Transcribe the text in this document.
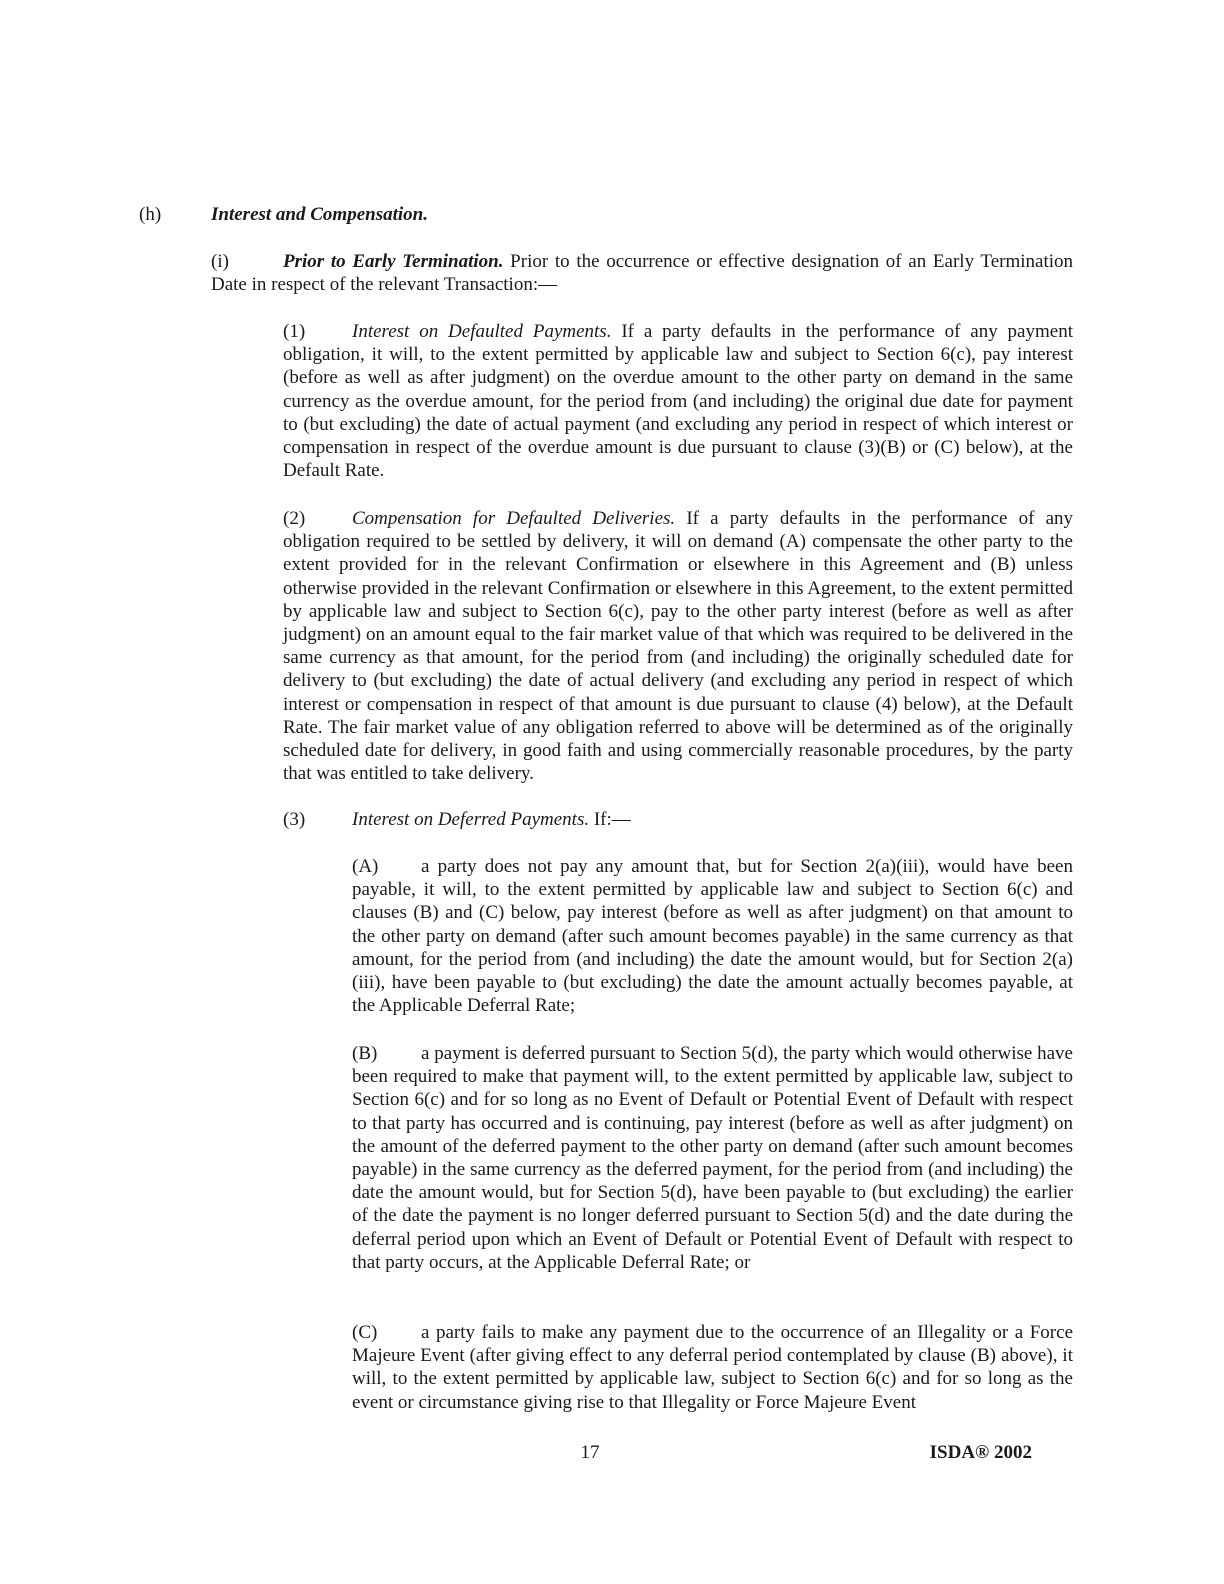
(h)	Interest and Compensation.

(i)	Prior to Early Termination. Prior to the occurrence or effective designation of an Early Termination Date in respect of the relevant Transaction:—

(1) Interest on Defaulted Payments. If a party defaults in the performance of any payment obligation, it will, to the extent permitted by applicable law and subject to Section 6(c), pay interest (before as well as after judgment) on the overdue amount to the other party on demand in the same currency as the overdue amount, for the period from (and including) the original due date for payment to (but excluding) the date of actual payment (and excluding any period in respect of which interest or compensation in respect of the overdue amount is due pursuant to clause (3)(B) or (C) below), at the Default Rate.

(2) Compensation for Defaulted Deliveries. If a party defaults in the performance of any obligation required to be settled by delivery, it will on demand (A) compensate the other party to the extent provided for in the relevant Confirmation or elsewhere in this Agreement and (B) unless otherwise provided in the relevant Confirmation or elsewhere in this Agreement, to the extent permitted by applicable law and subject to Section 6(c), pay to the other party interest (before as well as after judgment) on an amount equal to the fair market value of that which was required to be delivered in the same currency as that amount, for the period from (and including) the originally scheduled date for delivery to (but excluding) the date of actual delivery (and excluding any period in respect of which interest or compensation in respect of that amount is due pursuant to clause (4) below), at the Default Rate. The fair market value of any obligation referred to above will be determined as of the originally scheduled date for delivery, in good faith and using commercially reasonable procedures, by the party that was entitled to take delivery.

(3) Interest on Deferred Payments. If:—

(A) a party does not pay any amount that, but for Section 2(a)(iii), would have been payable, it will, to the extent permitted by applicable law and subject to Section 6(c) and clauses (B) and (C) below, pay interest (before as well as after judgment) on that amount to the other party on demand (after such amount becomes payable) in the same currency as that amount, for the period from (and including) the date the amount would, but for Section 2(a)(iii), have been payable to (but excluding) the date the amount actually becomes payable, at the Applicable Deferral Rate;

(B) a payment is deferred pursuant to Section 5(d), the party which would otherwise have been required to make that payment will, to the extent permitted by applicable law, subject to Section 6(c) and for so long as no Event of Default or Potential Event of Default with respect to that party has occurred and is continuing, pay interest (before as well as after judgment) on the amount of the deferred payment to the other party on demand (after such amount becomes payable) in the same currency as the deferred payment, for the period from (and including) the date the amount would, but for Section 5(d), have been payable to (but excluding) the earlier of the date the payment is no longer deferred pursuant to Section 5(d) and the date during the deferral period upon which an Event of Default or Potential Event of Default with respect to that party occurs, at the Applicable Deferral Rate; or

(C) a party fails to make any payment due to the occurrence of an Illegality or a Force Majeure Event (after giving effect to any deferral period contemplated by clause (B) above), it will, to the extent permitted by applicable law, subject to Section 6(c) and for so long as the event or circumstance giving rise to that Illegality or Force Majeure Event

17	ISDA® 2002
